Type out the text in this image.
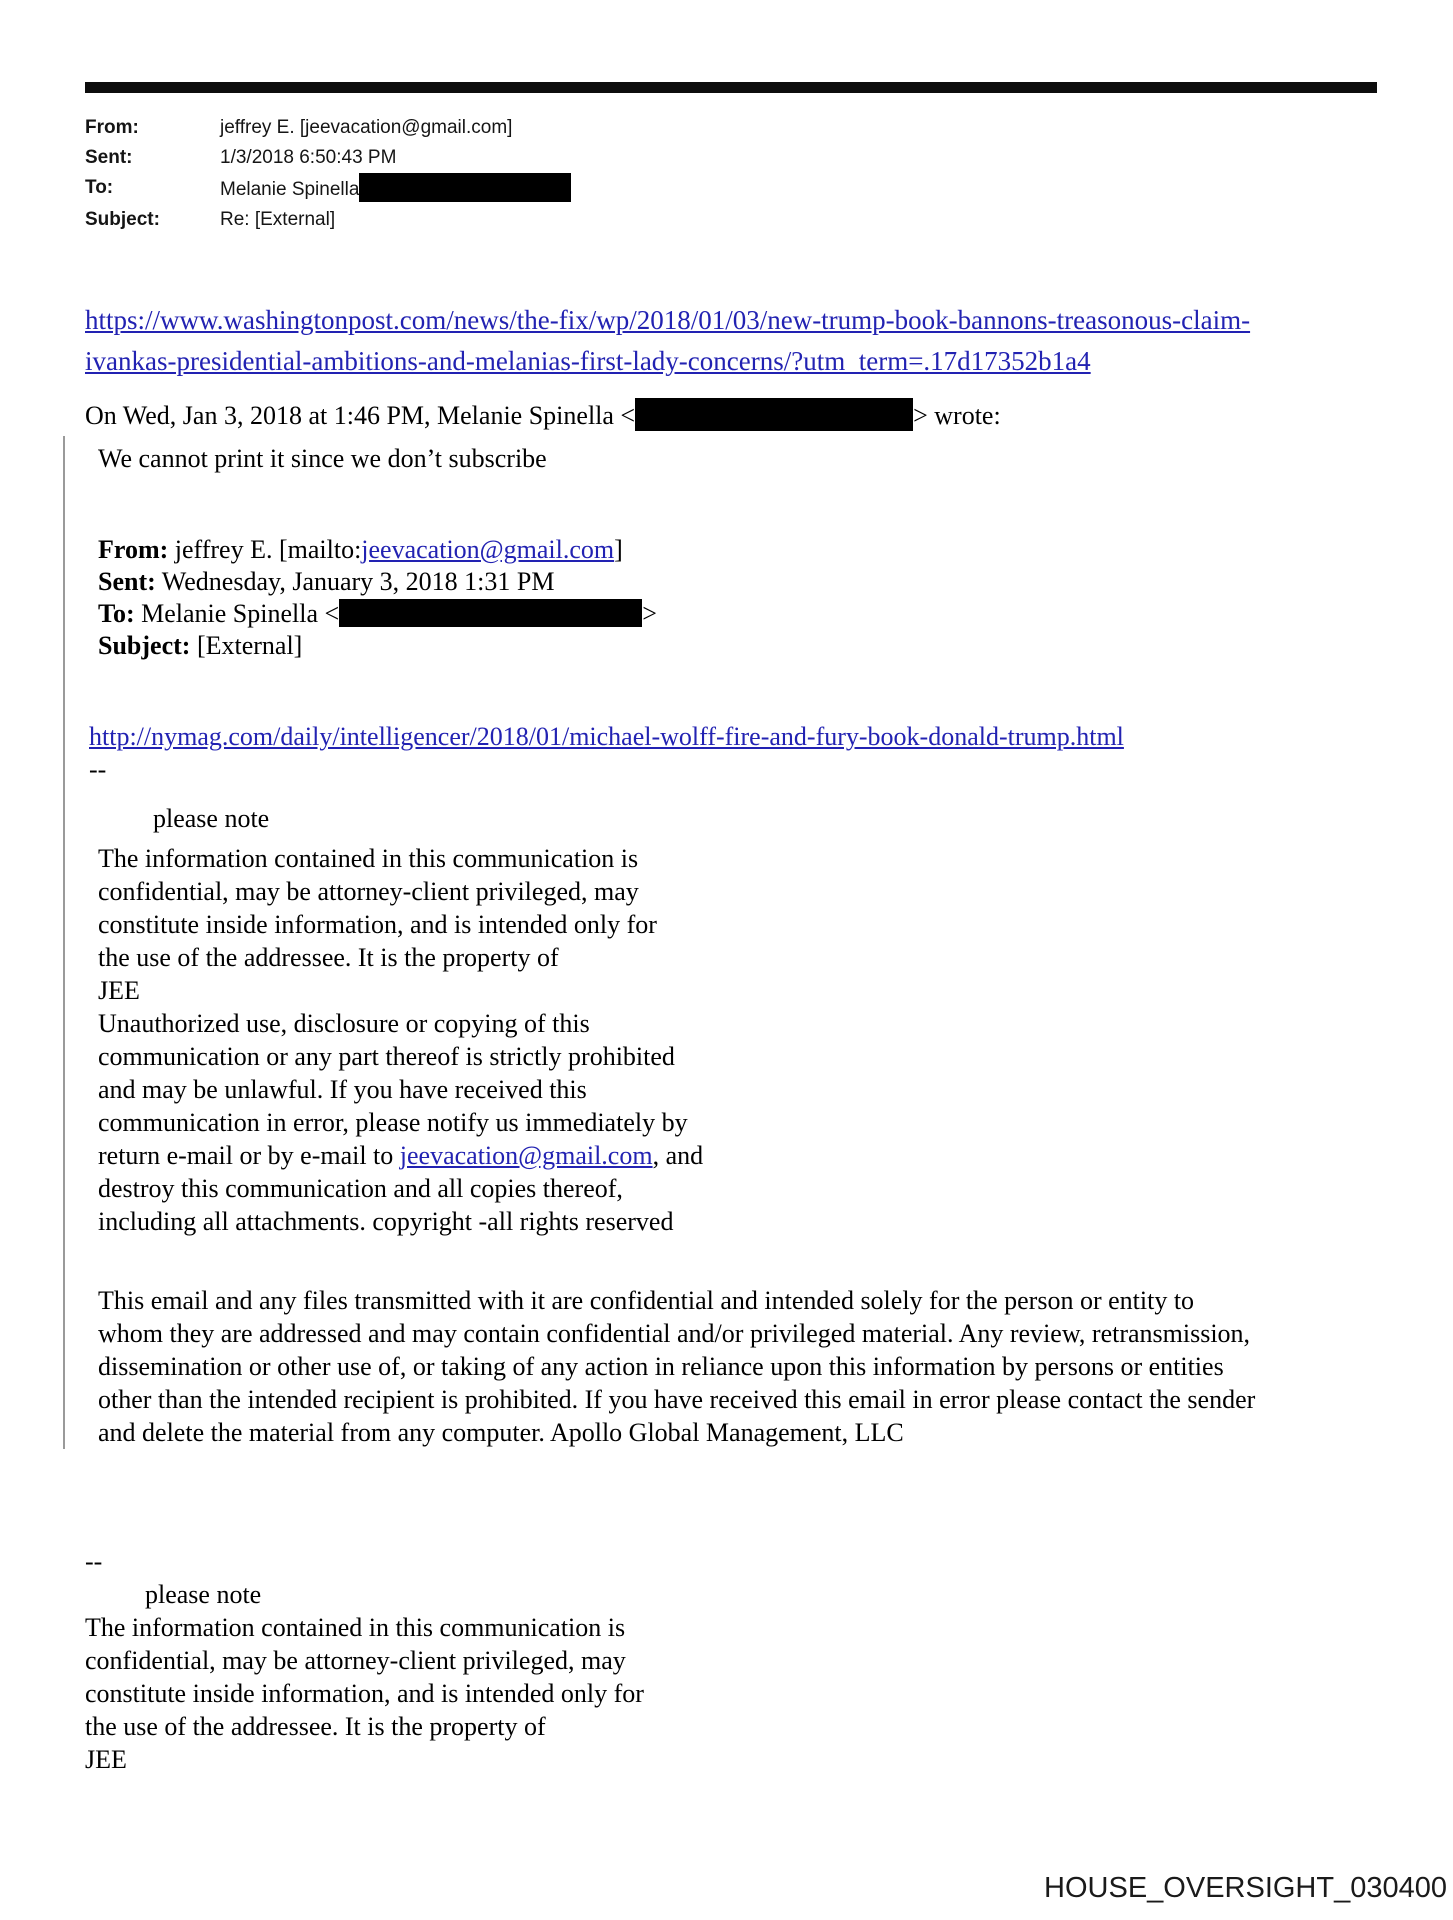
From:	jeffrey E. [jeevacation@gmail.com]
Sent:	1/3/2018 6:50:43 PM
To:	Melanie Spinella
Subject:	Re: [External]
https://www.washingtonpost.com/news/the-fix/wp/2018/01/03/new-trump-book-bannons-treasonous-claim-
ivankas-presidential-ambitions-and-melanias-first-lady-concerns/?utm_term=.17d17352b1a4
On Wed, Jan 3, 2018 at 1:46 PM, Melanie Spinella <	> wrote:
We cannot print it since we don’t subscribe
From: jeffrey E. [mailto:jeevacation@gmail.com]
Sent: Wednesday, January 3, 2018 1:31 PM
To: Melanie Spinella <	>
Subject: [External]
http://nymag.com/daily/intelligencer/2018/01/michael-wolff-fire-and-fury-book-donald-trump.html
--
please note
The information contained in this communication is
confidential, may be attorney-client privileged, may
constitute inside information, and is intended only for
the use of the addressee. It is the property of
JEE
Unauthorized use, disclosure or copying of this
communication or any part thereof is strictly prohibited
and may be unlawful. If you have received this
communication in error, please notify us immediately by
return e-mail or by e-mail to jeevacation@gmail.com, and
destroy this communication and all copies thereof,
including all attachments. copyright -all rights reserved
This email and any files transmitted with it are confidential and intended solely for the person or entity to
whom they are addressed and may contain confidential and/or privileged material. Any review, retransmission,
dissemination or other use of, or taking of any action in reliance upon this information by persons or entities
other than the intended recipient is prohibited. If you have received this email in error please contact the sender
and delete the material from any computer. Apollo Global Management, LLC
--
please note
The information contained in this communication is
confidential, may be attorney-client privileged, may
constitute inside information, and is intended only for
the use of the addressee. It is the property of
JEE
HOUSE_OVERSIGHT_030400
